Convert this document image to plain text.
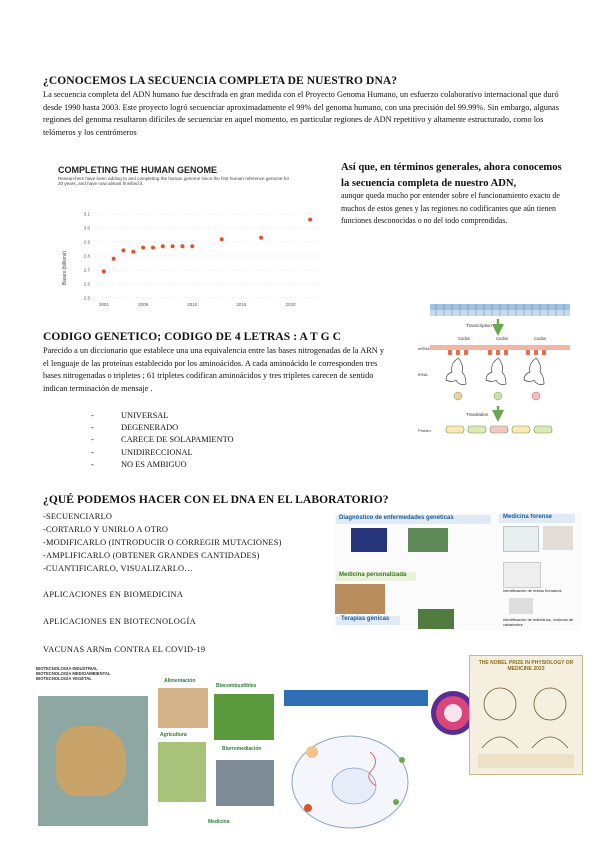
¿CONOCEMOS LA SECUENCIA COMPLETA DE NUESTRO DNA?

La secuencia completa del ADN humano fue descifrada en gran medida con el Proyecto Genoma Humano, un esfuerzo colaborativo internacional que duró desde 1990 hasta 2003. Este proyecto logró secuenciar aproximadamente el 99% del genoma humano, con una precisión del 99.99%. Sin embargo, algunas regiones del genoma resultaron difíciles de secuenciar en aquel momento, en particular regiones de ADN repetitivo y altamente estructurado, como los telómeros y los centrómeros

COMPLETING THE HUMAN GENOME
Researchers have been adding to and completing the human genome since the first human reference genome for 20 years, and have now almost finished it.
2.5
2.6
2.7
2.8
2.9
3.0
3.1
2001	2005	2010	2015	2020
Bases (billions)
Así que, en términos generales, ahora conocemos la secuencia completa de nuestro ADN,
aunque queda mucho por entender sobre el funcionamiento exacto de muchos de estos genes y las regiones no codificantes que aún tienen funciones desconocidas o no del todo comprendidas.
Transcription
Codon	Codon	Codon
mRNA
tRNA
Translation
Protein
CODIGO GENETICO; CODIGO DE 4 LETRAS : A T G C

Parecido a un diccionario que establece una una equivalencia entre las bases nitrogenadas de la ARN y el lenguaje de las proteínas establecido por los aminoácidos. A cada aminoácido le corresponden tres bases nitrogenadas o tripletes ; 61 tripletes codifican aminoácidos y tres tripletes carecen de sentido indican terminación de mensaje .

- UNIVERSAL
- DEGENERADO
- CARECE DE SOLAPAMIENTO
- UNIDIRECCIONAL
- NO ES AMBIGUO
¿QUÉ PODEMOS HACER CON EL DNA EN EL LABORATORIO?
-SECUENCIARLO
-CORTARLO Y UNIRLO A OTRO
-MODIFICARLO (INTRODUCIR O CORREGIR MUTACIONES)
-AMPLIFICARLO (OBTENER GRANDES CANTIDADES)
-CUANTIFICARLO, VISUALIZARLO…
APLICACIONES EN BIOMEDICINA
APLICACIONES EN BIOTECNOLOGÍA
VACUNAS ARNm CONTRA EL COVID-19
Diagnóstico de enfermedades genéticas	Medicina forense
Medicina personalizada
Terapias génicas
Identificación de restos humanos
Identificación de individuos, víctimas de catástrofes
BIOTECNOLOGÍA INDUSTRIAL
BIOTECNOLOGÍA MEDIOAMBIENTAL
BIOTECNOLOGÍA VEGETAL	Alimentación
Biocombustibles
Agricultura
Biorremediación
Medicina
THE NOBEL PRIZE IN PHYSIOLOGY OR MEDICINE 2023
